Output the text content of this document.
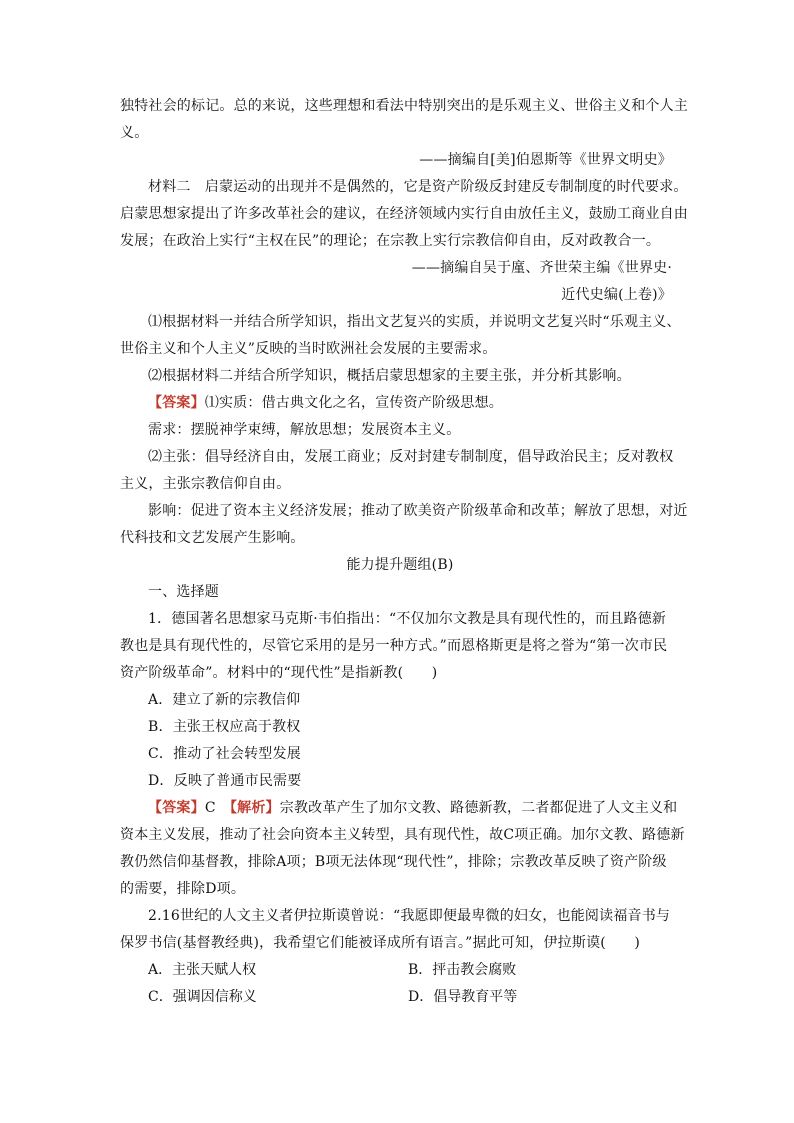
独特社会的标记。总的来说，这些理想和看法中特别突出的是乐观主义、世俗主义和个人主
义。
——摘编自[美]伯恩斯等《世界文明史》
材料二　启蒙运动的出现并不是偶然的，它是资产阶级反封建反专制制度的时代要求。
启蒙思想家提出了许多改革社会的建议，在经济领域内实行自由放任主义，鼓励工商业自由
发展；在政治上实行“主权在民”的理论；在宗教上实行宗教信仰自由，反对政教合一。
——摘编自吴于廑、齐世荣主编《世界史·
近代史编(上卷)》
⑴根据材料一并结合所学知识，指出文艺复兴的实质，并说明文艺复兴时“乐观主义、
世俗主义和个人主义”反映的当时欧洲社会发展的主要需求。
⑵根据材料二并结合所学知识，概括启蒙思想家的主要主张，并分析其影响。
【答案】⑴实质：借古典文化之名，宣传资产阶级思想。
需求：摆脱神学束缚，解放思想；发展资本主义。
⑵主张：倡导经济自由，发展工商业；反对封建专制制度，倡导政治民主；反对教权
主义，主张宗教信仰自由。
影响：促进了资本主义经济发展；推动了欧美资产阶级革命和改革；解放了思想，对近
代科技和文艺发展产生影响。
能力提升题组(B)
一、选择题
1．德国著名思想家马克斯·韦伯指出：“不仅加尔文教是具有现代性的，而且路德新
教也是具有现代性的，尽管它采用的是另一种方式。”而恩格斯更是将之誉为“第一次市民
资产阶级革命”。材料中的“现代性”是指新教(　　)
A．建立了新的宗教信仰
B．主张王权应高于教权
C．推动了社会转型发展
D．反映了普通市民需要
【答案】C　【解析】宗教改革产生了加尔文教、路德新教，二者都促进了人文主义和
资本主义发展，推动了社会向资本主义转型，具有现代性，故C项正确。加尔文教、路德新
教仍然信仰基督教，排除A项；B项无法体现“现代性”，排除；宗教改革反映了资产阶级
的需要，排除D项。
2.16世纪的人文主义者伊拉斯谟曾说：“我愿即便最卑微的妇女，也能阅读福音书与
保罗书信(基督教经典)，我希望它们能被译成所有语言。”据此可知，伊拉斯谟(　　)
A．主张天赋人权	B．抨击教会腐败
C．强调因信称义	D．倡导教育平等
